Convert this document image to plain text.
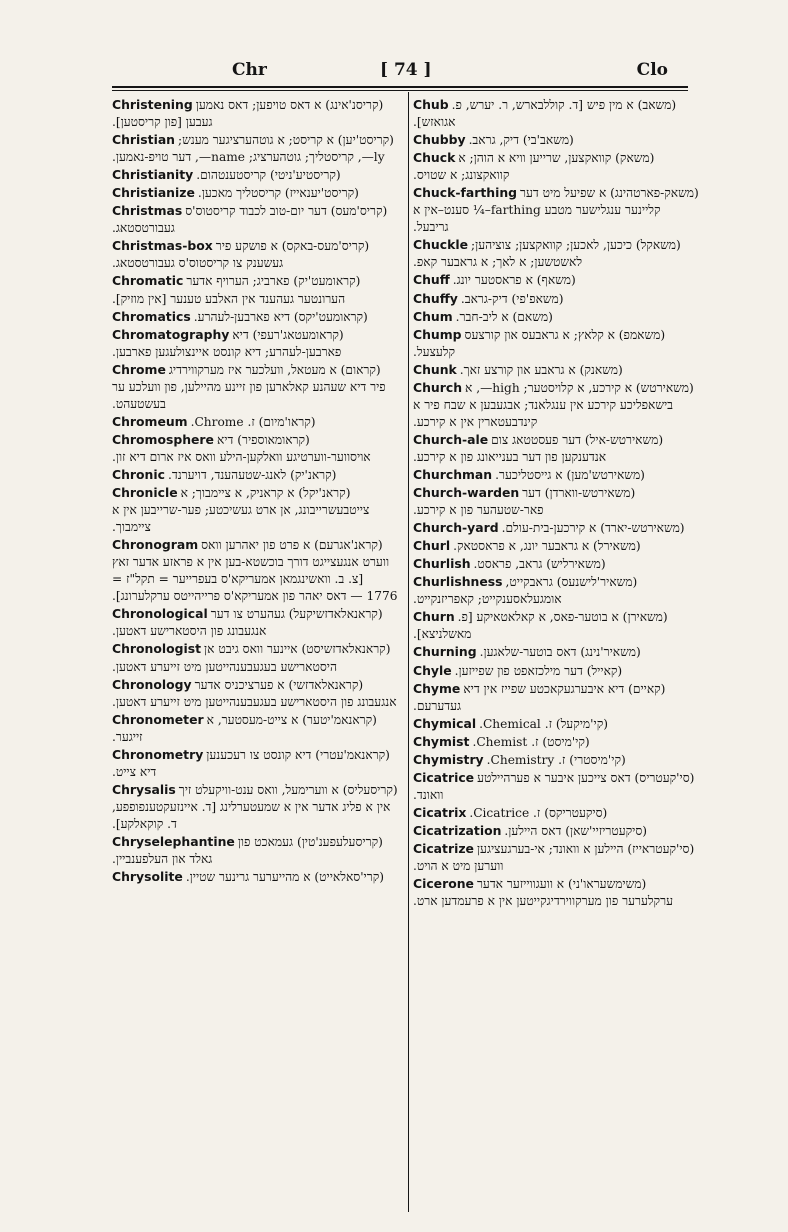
Chr	[ 74 ]	Clo
Christening (קריסנ'אינג) א דאס טויפען; דאס נאמען געבען [פון קריסטען].
Christian (קריסט'יען) א קריסט; א גוטהערציגער מענש; ly—, קריסטליך; גוטהערציג; name—, דער טויפ-נאמען.
Christianity (קריסטיע'ניטי) קריסטענטהום.
Christianize (קריסט'יענאייז) קריסטליך מאכען.
Christmas (קריס'מעס) דער יום-טוב לכבוד קריסטוס'ס געבורטסטאג.
Christmas-box (קריס'מעס-באקס) א פושקע פיר געשענק צו קריסטוס'ס געבורטסטאג.
Chromatic (קראומעט'יק) פארביג; הערויף אדער הערונטער געהענד אין האלבע טענער [אין מוזיק].
Chromatics (קראומעט'יקס) דיא פארבען-לעהרע.
Chromatography (קראומעטאג'רעפי) דיא פארבען-לעהרע; דיא קונסט איינצולעגען פארבען.
Chrome (קראום) א מעטאל, וועלכער איז מערקווירדיג פיר דיא שעהנע קאלארען פון זיינע מהיילען, פון וועלכע ער בעשטעהט.
Chromeum (קראו'מיום) ז. Chrome.
Chromosphere (קראומאוספיר) דיא אויסווער-ווערטיגע וואלקען-הילע וואס איז ארום דיא זון.
Chronic (קראנ'יק) לאנג-שטעהענד, דויערנד.
Chronicle (קראנ'יקל) א קראניק, א ציימבוך; א צייטבעשרייבונג, אן ארט געשיכטע; פער-שרייבען אין א ציימבוך.
Chronogram (קראנ'אגרעם) א פרט פון יאהרען וואס ווערט אנגעצייגט דורך בוכשטא-בען אין א פראזע אדער זאץ [צ. ב. וואשינגמאן אמעריקא'ס בעפרייער = תקל"ז = 1776 — דאס יאהר פון אמעריקא'ס פרייהייטס ערקלערונג].
Chronological (קראנאלאדזשיקעל) געהערט צו דער אנגעבונג פון היסטארישע דאטען.
Chronologist (קראנאלאדזשיסט) איינער וואס גיבט אן היסטארישע בעגעבענהייטען מיט זייערע דאטען.
Chronology (קראנאלאדזשי) א פערציכניס אדער אנגעבונג פון היסטארישע בעגעבענהייטען מיט זייערע דאטען.
Chronometer (קראנאמ'יטער) א צייט-מעסטער, א זייגער.
Chronometry (קראנאמ'עטרי) דיא קונסט צו רעכענען דיא צייט.
Chrysalis (קריסעליס) א ווערימעל, וואס ענט-וויקעלט זיך אין א פליג אדער אין א שמעטערלינג [ד. איינזעקטענפופפע, ד. קוקאלקע].
Chryselephantine (קריסעלעפענ'טין) געמאכט פון גאלד און העלפענביין.
Chrysolite (קרי'סאלאייט) א מהייערער גרינער שטיין.
Chub (משאב) א מין פיש [ד. קוללבארש, ר. יערש, פ. אגואזש].
Chubby (משאב'בי) דיק, גראב.
Chuck (משאק) קוואקצען, שרייען וויא א הוהן; א קוואקצונג; א שטויס.
Chuck-farthing (משאק-פארטהינג) א שפיעל מיט דער קליינער ענגלישער מטבע farthing–¼ סענט–אין א גריבעל.
Chuckle (משאקל) כיכען, לאכען; קוואקצען; צוציהען; לאשטשען; א לאך; א גראבער קאפ.
Chuff (משאף) א פראסטער יונג.
Chuffy (משאפ'פי) דיק-גראב.
Chum (משאם) א ליב-חבר.
Chump (משאמפ) א קלאץ; א גראבעס און קורצעס קלעצעל.
Chunk (משאנק) א גראבע און קורצע זאך.
Church (משאירטש) א קירכע, א קלויסטער; high—, א בישאפליכע קירכע אין ענגלאנד; אבגעבען א שבח פיר א קינדבעטארין אין א קירכע.
Church-ale (משאירטש-איל) דער פעסטטאג צום אנדענקען פון דער בענייאונג פון א קירכע.
Churchman (משאירטש'מען) א גייסטליכער.
Church-warden (משאירטש-ווארדן) דער פאר-שטעהער פון א קירכע.
Church-yard (משאירטש-יארד) א קירכען-בית-עולם.
Churl (משאירל) א גראבער יונג, א פראסטאק.
Churlish (משאירליש) גראב, פראסט.
Churlishness (משאיר'לישנעס) גראבקייט, אומגעלאסענקייט; קאפריזנקייט.
Churn (משאירן) א בוטער-פאס, א קאלאטאיקע [פ. מאשלניצא].
Churning (משאיר'נינג) דאס בוטער-שלאגען.
Chyle (קאייל) דער מילכזאפט פון שפייזען.
Chyme (קאיים) דיא איבערגעקאכטע שפייז אין דיא געדערעם.
Chymical (קי'מיקעל) ז. Chemical.
Chymist (קי'מיסט) ז. Chemist.
Chymistry (קי'מיסטרי) ז. Chemistry.
Cicatrice (סי'קעטריס) דאס צייכען איבער א פערהיילטע וואונד.
Cicatrix (סיקעטריקס) ז. Cicatrice.
Cicatrization (סיקעטריזיי'שאן) דאס היילען.
Cicatrize (סי'קעטראייז) היילען א וואונד; אי-בערגעציגען ווערען מיט א הויט.
Cicerone (משימשעראו'ני) א וועגווייזער אדער ערקלערער פון מערקווירדיגקייטען אין א פרעמדען ארט.
